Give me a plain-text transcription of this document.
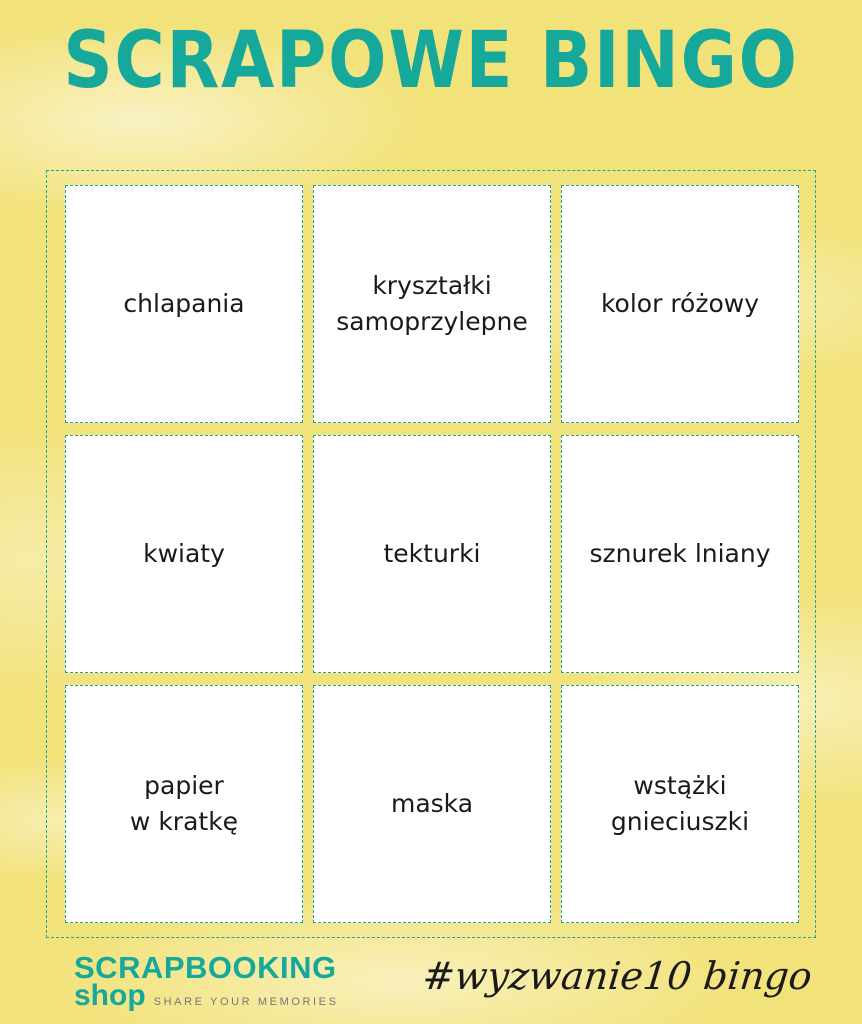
SCRAPOWE BINGO
chlapania
kryształki
samoprzylepne
kolor różowy
kwiaty	tekturki	sznurek lniany
papier
w kratkę
maska
wstążki
gnieciuszki
SCRAPBOOKING
shop SHARE YOUR MEMORIES
#wyzwanie10 bingo
